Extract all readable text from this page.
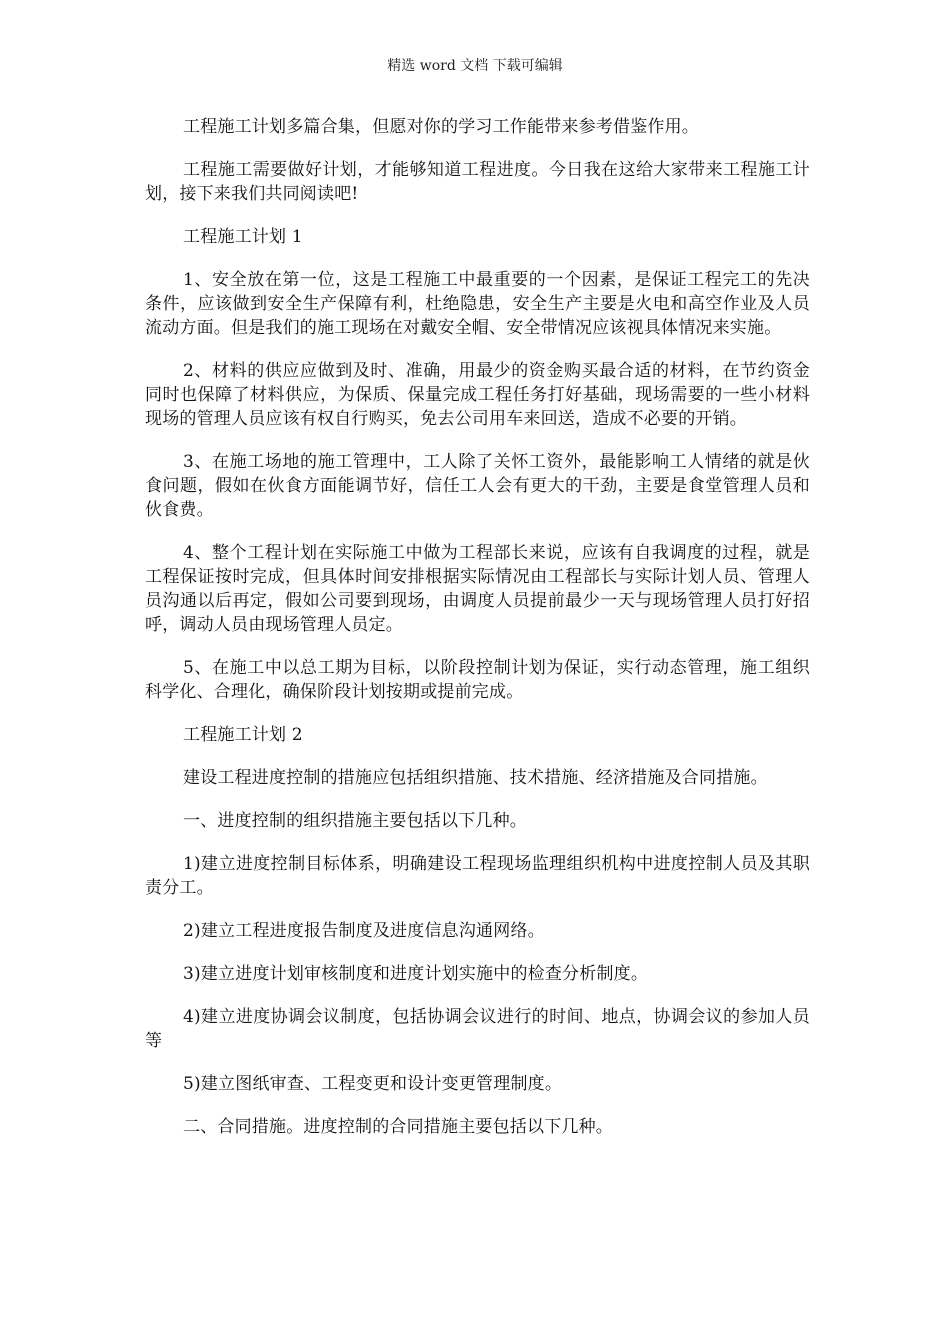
精选 word 文档 下载可编辑

工程施工计划多篇合集，但愿对你的学习工作能带来参考借鉴作用。

工程施工需要做好计划，才能够知道工程进度。今日我在这给大家带来工程施工计划，接下来我们共同阅读吧!

工程施工计划 1

1、安全放在第一位，这是工程施工中最重要的一个因素，是保证工程完工的先决条件，应该做到安全生产保障有利，杜绝隐患，安全生产主要是火电和高空作业及人员流动方面。但是我们的施工现场在对戴安全帽、安全带情况应该视具体情况来实施。

2、材料的供应应做到及时、准确，用最少的资金购买最合适的材料，在节约资金同时也保障了材料供应，为保质、保量完成工程任务打好基础，现场需要的一些小材料现场的管理人员应该有权自行购买，免去公司用车来回送，造成不必要的开销。

3、在施工场地的施工管理中，工人除了关怀工资外，最能影响工人情绪的就是伙食问题，假如在伙食方面能调节好，信任工人会有更大的干劲，主要是食堂管理人员和伙食费。

4、整个工程计划在实际施工中做为工程部长来说，应该有自我调度的过程，就是工程保证按时完成，但具体时间安排根据实际情况由工程部长与实际计划人员、管理人员沟通以后再定，假如公司要到现场，由调度人员提前最少一天与现场管理人员打好招呼，调动人员由现场管理人员定。

5、在施工中以总工期为目标，以阶段控制计划为保证，实行动态管理，施工组织科学化、合理化，确保阶段计划按期或提前完成。

工程施工计划 2

建设工程进度控制的措施应包括组织措施、技术措施、经济措施及合同措施。

一、进度控制的组织措施主要包括以下几种。

1)建立进度控制目标体系，明确建设工程现场监理组织机构中进度控制人员及其职责分工。

2)建立工程进度报告制度及进度信息沟通网络。

3)建立进度计划审核制度和进度计划实施中的检查分析制度。

4)建立进度协调会议制度，包括协调会议进行的时间、地点，协调会议的参加人员等

5)建立图纸审查、工程变更和设计变更管理制度。

二、合同措施。进度控制的合同措施主要包括以下几种。
